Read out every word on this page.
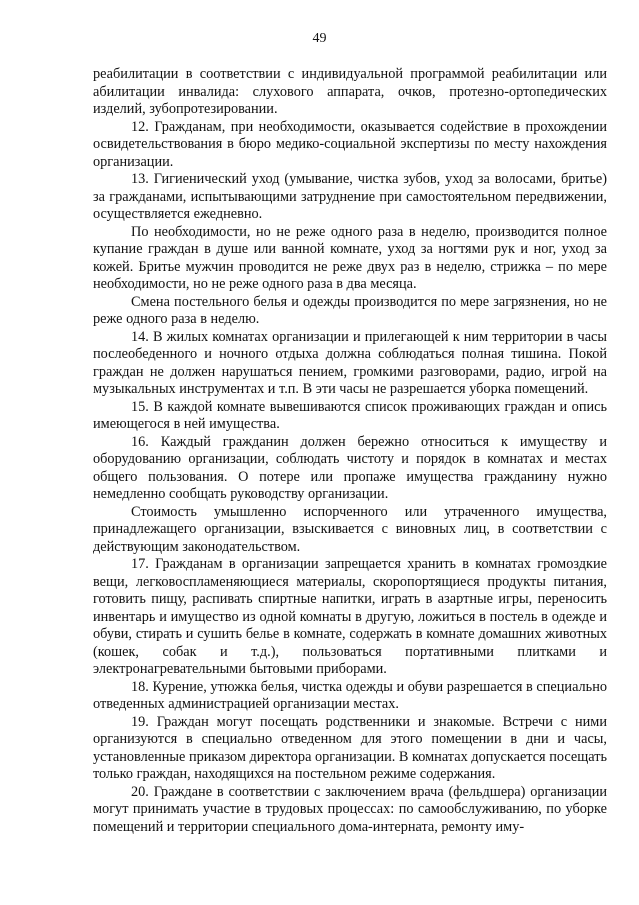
49

реабилитации в соответствии с индивидуальной программой реабилитации или абилитации инвалида: слухового аппарата, очков, протезно-ортопедических изделий, зубопротезировании.

12. Гражданам, при необходимости, оказывается содействие в прохождении освидетельствования в бюро медико-социальной экспертизы по месту нахождения организации.

13. Гигиенический уход (умывание, чистка зубов, уход за волосами, бритье) за гражданами, испытывающими затруднение при самостоятельном передвижении, осуществляется ежедневно.

По необходимости, но не реже одного раза в неделю, производится полное купание граждан в душе или ванной комнате, уход за ногтями рук и ног, уход за кожей. Бритье мужчин проводится не реже двух раз в неделю, стрижка – по мере необходимости, но не реже одного раза в два месяца.

Смена постельного белья и одежды производится по мере загрязнения, но не реже одного раза в неделю.

14. В жилых комнатах организации и прилегающей к ним территории в часы послеобеденного и ночного отдыха должна соблюдаться полная тишина. Покой граждан не должен нарушаться пением, громкими разговорами, радио, игрой на музыкальных инструментах и т.п. В эти часы не разрешается уборка помещений.

15. В каждой комнате вывешиваются список проживающих граждан и опись имеющегося в ней имущества.

16. Каждый гражданин должен бережно относиться к имуществу и оборудованию организации, соблюдать чистоту и порядок в комнатах и местах общего пользования. О потере или пропаже имущества гражданину нужно немедленно сообщать руководству организации.

Стоимость умышленно испорченного или утраченного имущества, принадлежащего организации, взыскивается с виновных лиц, в соответствии с действующим законодательством.

17. Гражданам в организации запрещается хранить в комнатах громоздкие вещи, легковоспламеняющиеся материалы, скоропортящиеся продукты питания, готовить пищу, распивать спиртные напитки, играть в азартные игры, переносить инвентарь и имущество из одной комнаты в другую, ложиться в постель в одежде и обуви, стирать и сушить белье в комнате, содержать в комнате домашних животных (кошек, собак и т.д.), пользоваться портативными плитками и электронагревательными бытовыми приборами.

18. Курение, утюжка белья, чистка одежды и обуви разрешается в специально отведенных администрацией организации местах.

19. Граждан могут посещать родственники и знакомые. Встречи с ними организуются в специально отведенном для этого помещении в дни и часы, установленные приказом директора организации. В комнатах допускается посещать только граждан, находящихся на постельном режиме содержания.

20. Граждане в соответствии с заключением врача (фельдшера) организации могут принимать участие в трудовых процессах: по самообслуживанию, по уборке помещений и территории специального дома-интерната, ремонту иму-
